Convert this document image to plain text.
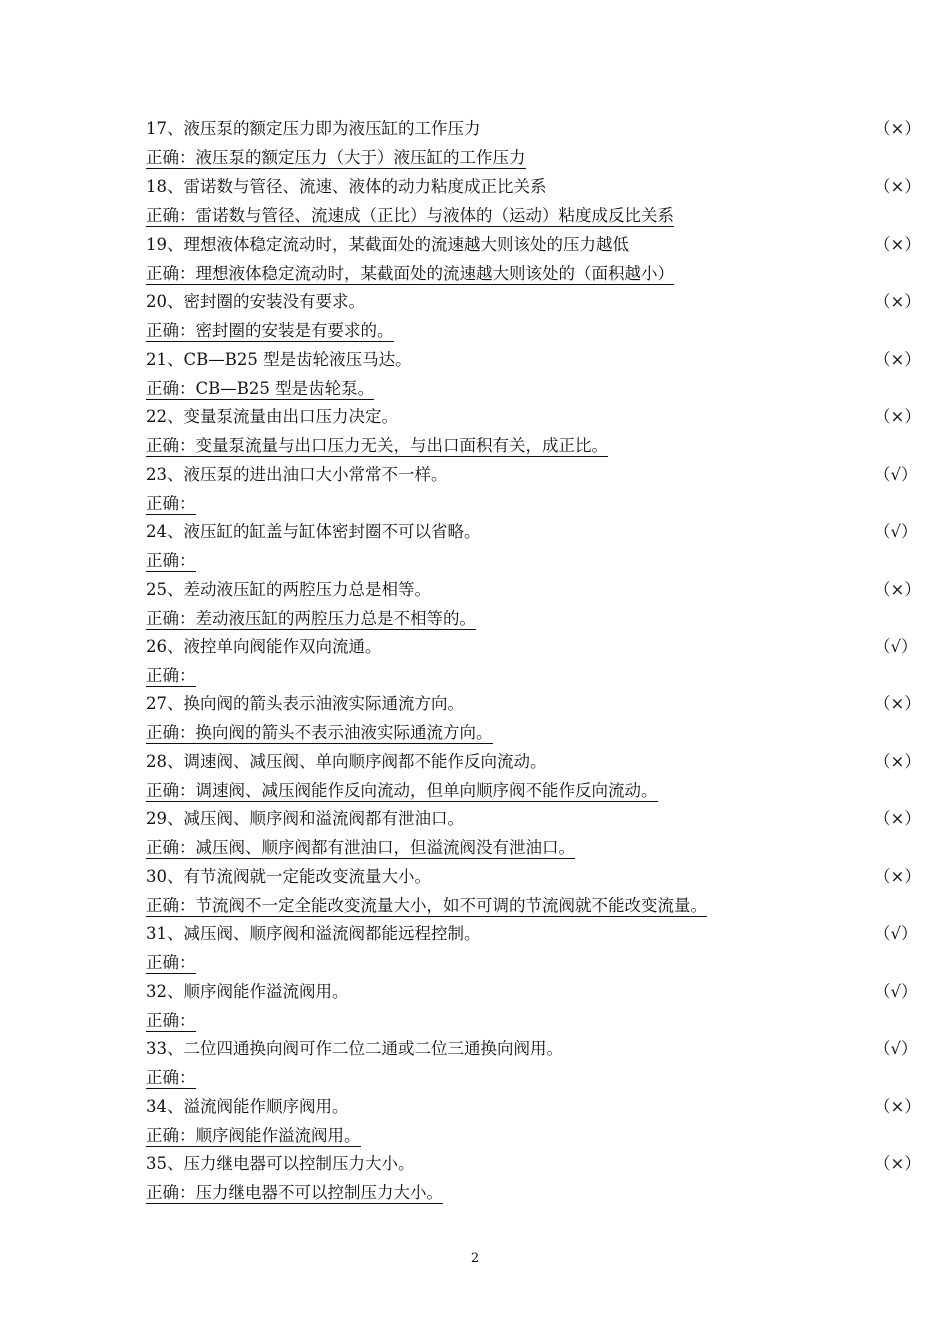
17、液压泵的额定压力即为液压缸的工作压力	（×）
正确：液压泵的额定压力（大于）液压缸的工作压力
18、雷诺数与管径、流速、液体的动力粘度成正比关系	（×）
正确：雷诺数与管径、流速成（正比）与液体的（运动）粘度成反比关系
19、理想液体稳定流动时，某截面处的流速越大则该处的压力越低	（×）
正确：理想液体稳定流动时，某截面处的流速越大则该处的（面积越小）
20、密封圈的安装没有要求。	（×）
正确：密封圈的安装是有要求的。
21、CB—B25 型是齿轮液压马达。	（×）
正确：CB—B25 型是齿轮泵。
22、变量泵流量由出口压力决定。	（×）
正确：变量泵流量与出口压力无关，与出口面积有关，成正比。
23、液压泵的进出油口大小常常不一样。	（√）
正确：
24、液压缸的缸盖与缸体密封圈不可以省略。	（√）
正确：
25、差动液压缸的两腔压力总是相等。	（×）
正确：差动液压缸的两腔压力总是不相等的。
26、液控单向阀能作双向流通。	（√）
正确：
27、换向阀的箭头表示油液实际通流方向。	（×）
正确：换向阀的箭头不表示油液实际通流方向。
28、调速阀、减压阀、单向顺序阀都不能作反向流动。	（×）
正确：调速阀、减压阀能作反向流动，但单向顺序阀不能作反向流动。
29、减压阀、顺序阀和溢流阀都有泄油口。	（×）
正确：减压阀、顺序阀都有泄油口，但溢流阀没有泄油口。
30、有节流阀就一定能改变流量大小。	（×）
正确：节流阀不一定全能改变流量大小，如不可调的节流阀就不能改变流量。
31、减压阀、顺序阀和溢流阀都能远程控制。	（√）
正确：
32、顺序阀能作溢流阀用。	（√）
正确：
33、二位四通换向阀可作二位二通或二位三通换向阀用。	（√）
正确：
34、溢流阀能作顺序阀用。	（×）
正确：顺序阀能作溢流阀用。
35、压力继电器可以控制压力大小。	（×）
正确：压力继电器不可以控制压力大小。
2
